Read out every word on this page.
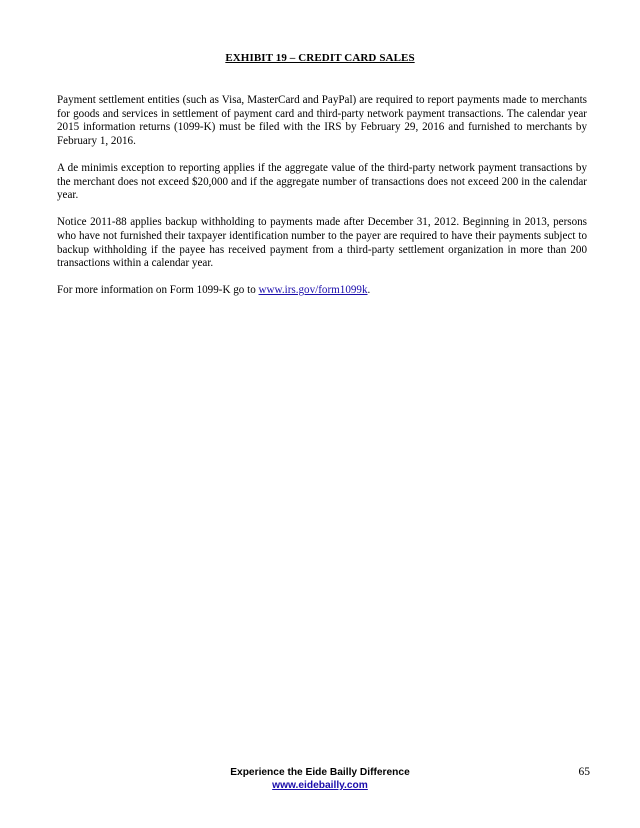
EXHIBIT 19 – CREDIT CARD SALES

Payment settlement entities (such as Visa, MasterCard and PayPal) are required to report payments made to merchants for goods and services in settlement of payment card and third-party network payment transactions. The calendar year 2015 information returns (1099-K) must be filed with the IRS by February 29, 2016 and furnished to merchants by February 1, 2016.

A de minimis exception to reporting applies if the aggregate value of the third-party network payment transactions by the merchant does not exceed $20,000 and if the aggregate number of transactions does not exceed 200 in the calendar year.

Notice 2011-88 applies backup withholding to payments made after December 31, 2012. Beginning in 2013, persons who have not furnished their taxpayer identification number to the payer are required to have their payments subject to backup withholding if the payee has received payment from a third-party settlement organization in more than 200 transactions within a calendar year.

For more information on Form 1099-K go to www.irs.gov/form1099k.

Experience the Eide Bailly Difference
www.eidebailly.com
65
